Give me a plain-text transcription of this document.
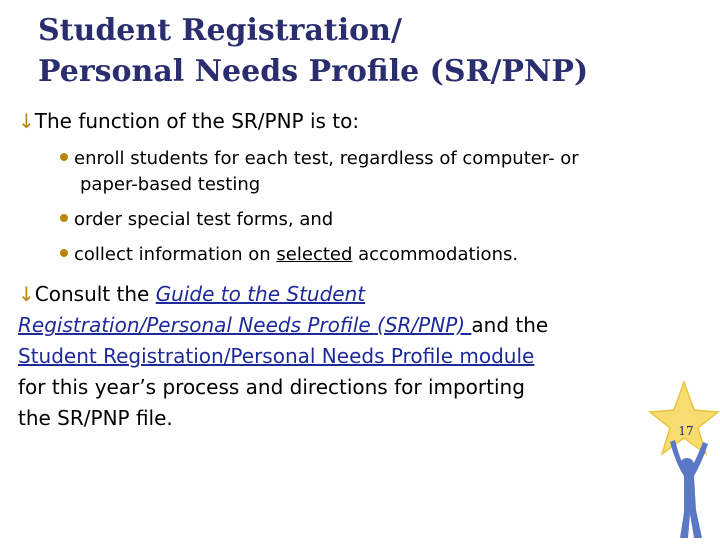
Student Registration/
Personal Needs Profile (SR/PNP)
↓The function of the SR/PNP is to:
enroll students for each test, regardless of computer- or
paper-based testing
order special test forms, and
collect information on selected accommodations.
↓Consult the Guide to the Student
Registration/Personal Needs Profile (SR/PNP) and the
Student Registration/Personal Needs Profile module
for this year’s process and directions for importing
the SR/PNP file.
17
